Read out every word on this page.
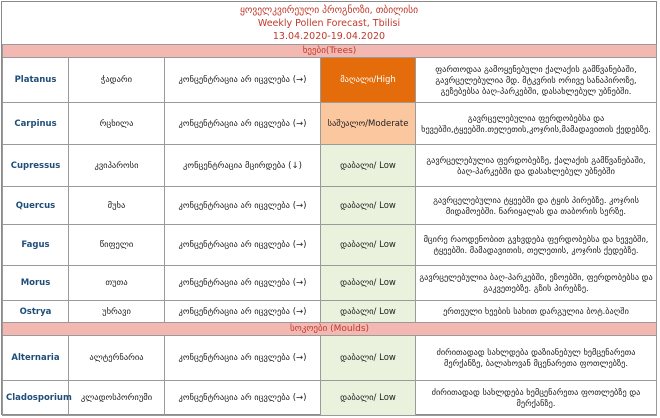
ყოველკვირეული პროგნოზი, თბილისი
Weekly Pollen Forecast, Tbilisi
13.04.2020-19.04.2020
ხეები(Trees)				
Platanus	ჭადარი	კონცენტრაცია არ იცვლება (→)	მაღალი/High	ფართოდაა გამოყენებული ქალაქის გამწვანებაში, გავრცელებულია მდ. მტკვრის ორივე სანაპიროზე, გეზებებსა ბაღ-პარკებში, დასახლებულ უბნებში.
Carpinus	რცხილა	კონცენტრაცია არ იცვლება (→)	საშუალო/Moderate	გავრცელებულია ფერდობებსა და ხევებში,ტყეებში.თელეთის,კოჯრის,მამადავითის ქედებზე.
Cupressus	კვიპაროსი	კონცენტრაცია მცირდება (↓)	დაბალი/ Low	გავრცელებულია ფერდობებზე, ქალაქის გამწვანებაში, ბაღ-პარკებში და დასახლებულ უბნებში
Quercus	მუხა	კონცენტრაცია არ იცვლება (→)	დაბალი/ Low	გავრცელებულია ტყეებში და ტყის პირებზე. კოჯრის მიდამოებში. ნარიყალას და თაბორის სერზე.
Fagus	წიფელი	კონცენტრაცია არ იცვლება (→)	დაბალი/ Low	მცირე რაოდენობით გვხვდება ფერდობებსა და ხევებში, ტყეებში. მამადავითის, თელეთის, კოჯრის ქედებზე.
Morus	თუთა	კონცენტრაცია არ იცვლება (→)	დაბალი/ Low	გავრცელებულია ბაღ-პარკებში, ეზოებში, ფერდობებსა და გაკვეთებზე. გზის პირებზე.
Ostrya	უხრავი	კონცენტრაცია არ იცვლება (→)	დაბალი/ Low	ერთეული ხეების სახით დარგულია ბოტ.ბაღში
სოკოები (Moulds)				
Alternaria	ალტერნარია	კონცენტრაცია არ იცვლება (→)	დაბალი/ Low	ძირითადად სახლდება დაზიანებულ ხემცენარეთა მერქანზე, ბალახოვან მცენარეთა ფოთლებზე.
Cladosporium	კლადოსპორიუმი	კონცენტრაცია არ იცვლება (→)	დაბალი/ Low	ძირითადად სახლდება ხემცენარეთა ფოთლებზე და მერქანზე.
